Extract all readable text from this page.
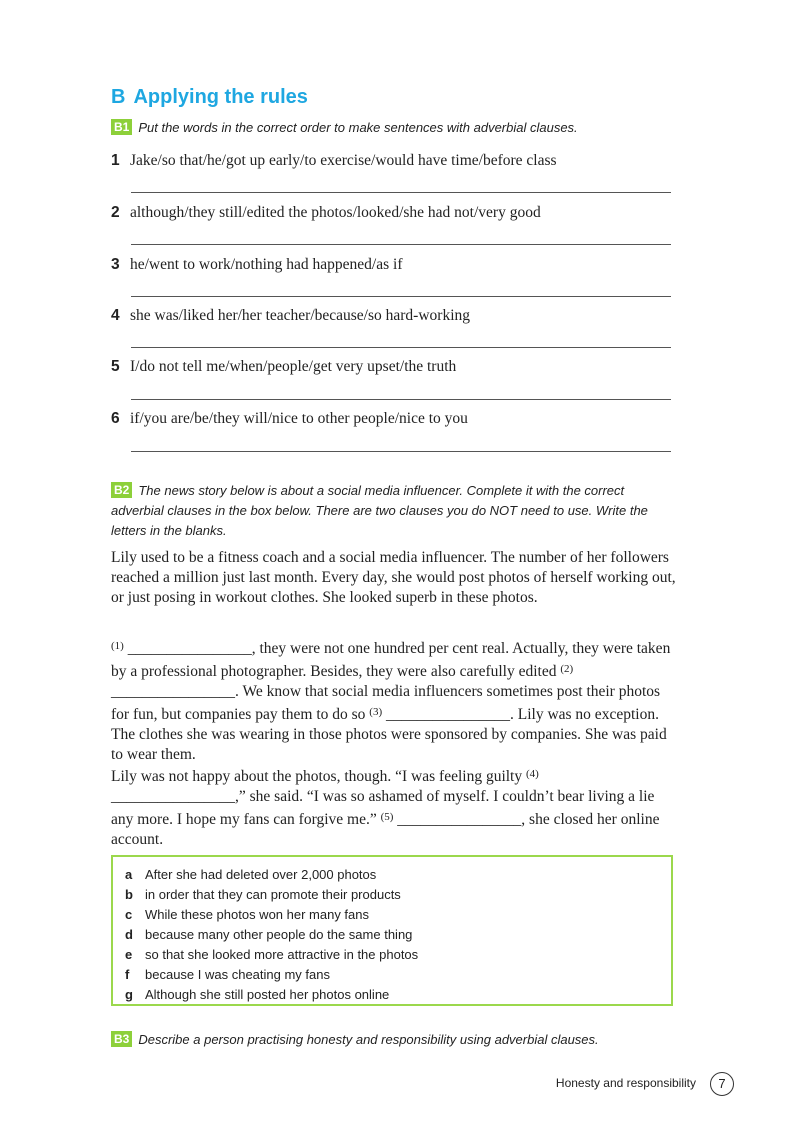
B Applying the rules
B1 Put the words in the correct order to make sentences with adverbial clauses.
1 Jake/so that/he/got up early/to exercise/would have time/before class
2 although/they still/edited the photos/looked/she had not/very good
3 he/went to work/nothing had happened/as if
4 she was/liked her/her teacher/because/so hard-working
5 I/do not tell me/when/people/get very upset/the truth
6 if/you are/be/they will/nice to other people/nice to you
B2 The news story below is about a social media influencer. Complete it with the correct adverbial clauses in the box below. There are two clauses you do NOT need to use. Write the letters in the blanks.

Lily used to be a fitness coach and a social media influencer. The number of her followers reached a million just last month. Every day, she would post photos of herself working out, or just posing in workout clothes. She looked superb in these photos.

$^{(1)}$ ________________, they were not one hundred per cent real. Actually, they were taken by a professional photographer. Besides, they were also carefully edited $^{(2)}$ ________________. We know that social media influencers sometimes post their photos for fun, but companies pay them to do so $^{(3)}$ ________________. Lily was no exception. The clothes she was wearing in those photos were sponsored by companies. She was paid to wear them.

Lily was not happy about the photos, though. “I was feeling guilty $^{(4)}$ ________________,” she said. “I was so ashamed of myself. I couldn’t bear living a lie any more. I hope my fans can forgive me.” $^{(5)}$ ________________, she closed her online account.

a After she had deleted over 2,000 photos
b in order that they can promote their products
c While these photos won her many fans
d because many other people do the same thing
e so that she looked more attractive in the photos
f because I was cheating my fans
g Although she still posted her photos online
B3 Describe a person practising honesty and responsibility using adverbial clauses.
Honesty and responsibility	7
